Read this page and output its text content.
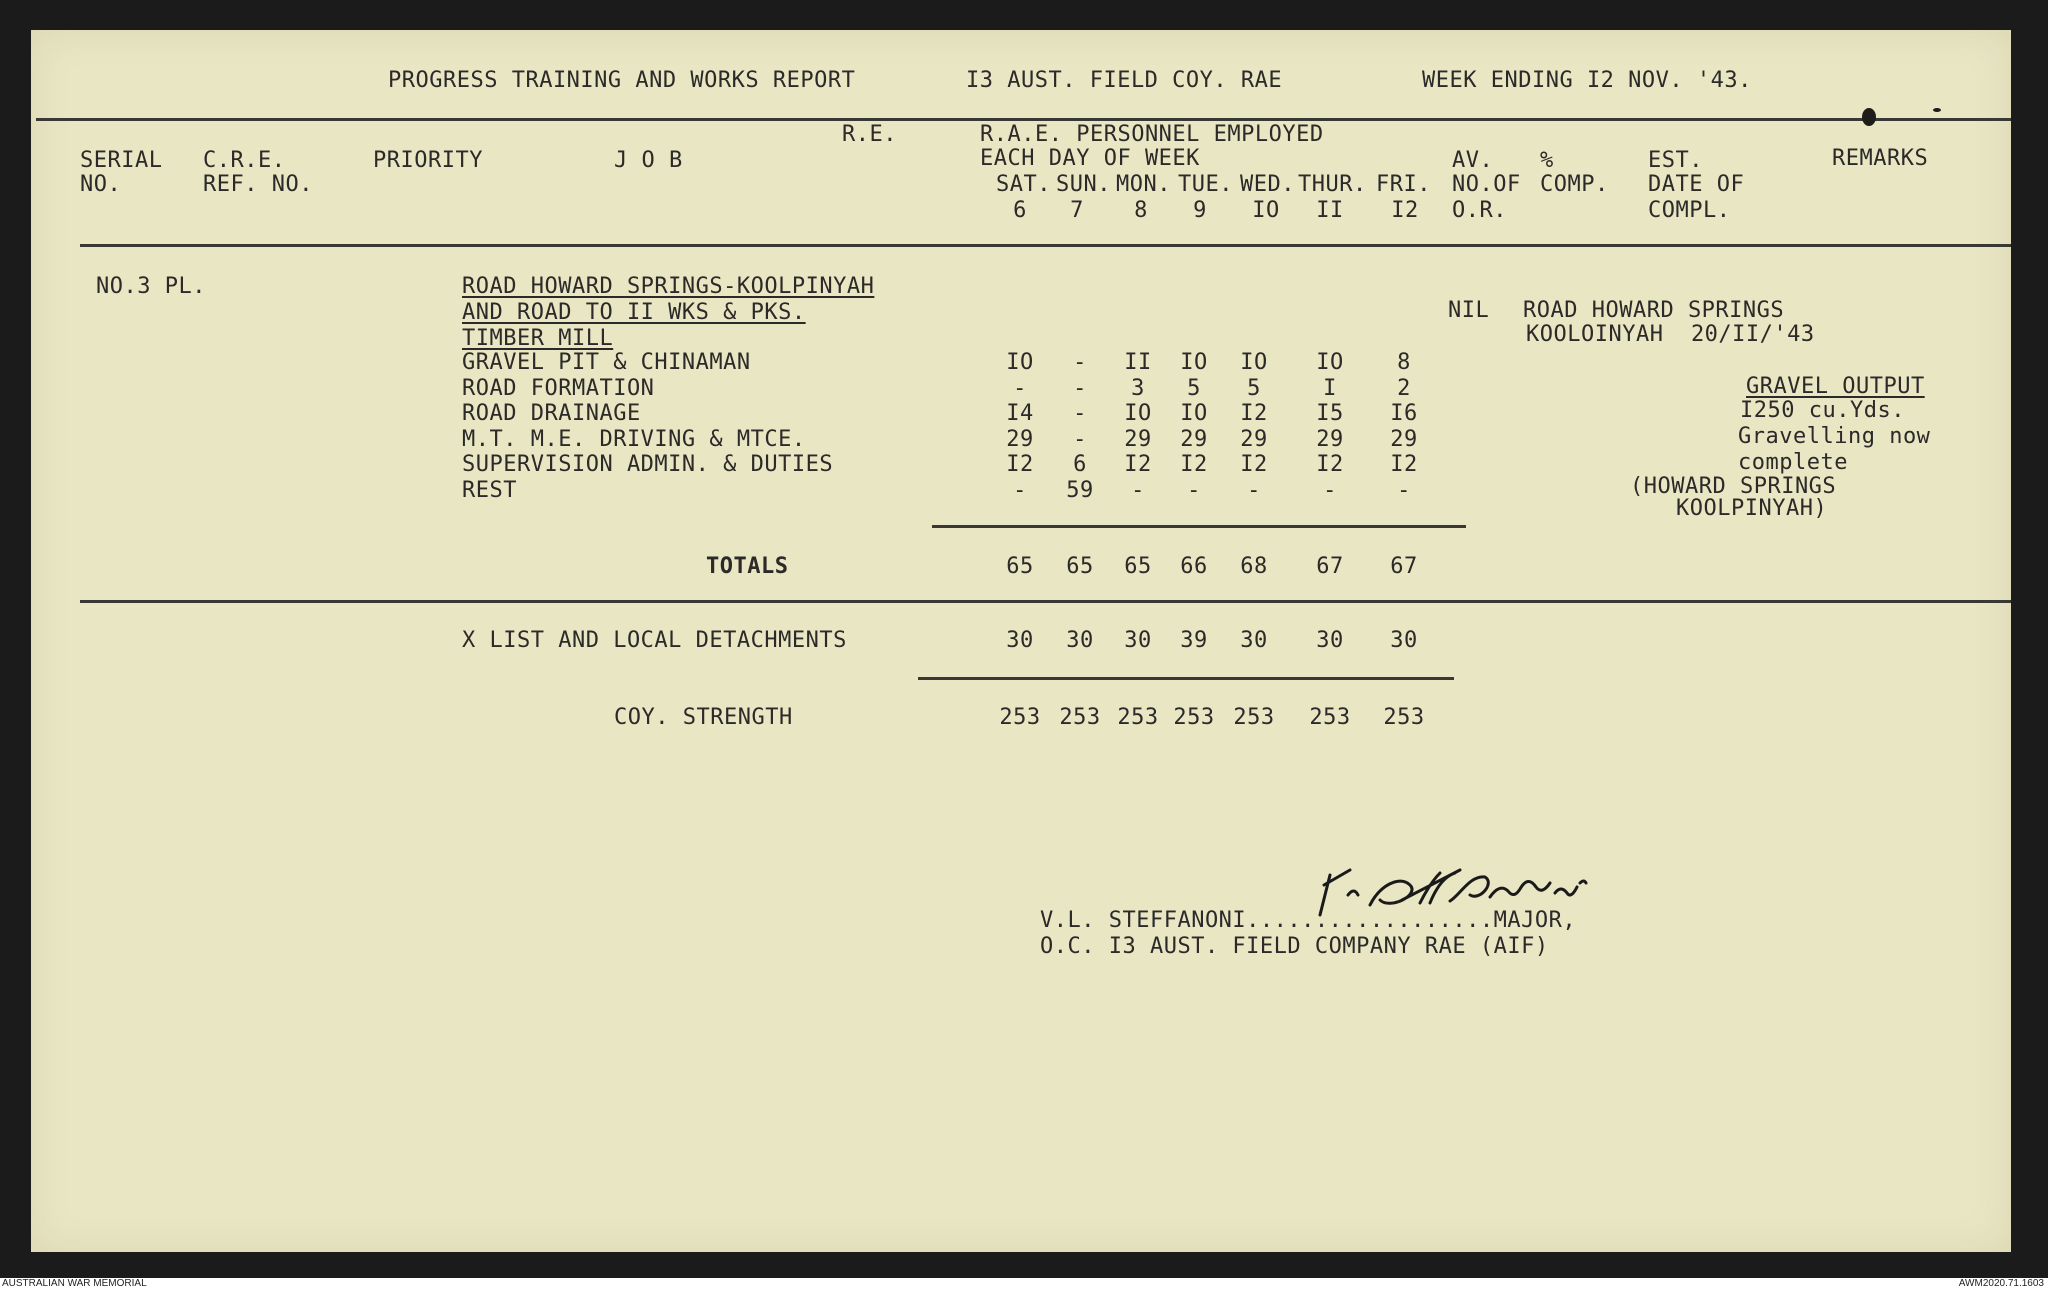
PROGRESS TRAINING AND WORKS REPORT	I3 AUST. FIELD COY. RAE	WEEK ENDING I2 NOV. '43.
SERIAL
NO.
C.R.E.
REF. NO.
PRIORITY	J O B
R.E.	R.A.E. PERSONNEL EMPLOYED
EACH DAY OF WEEK
SAT. SUN. MON. TUE. WED. THUR. FRI.
6	7	8	9	IO	II	I2
AV.
NO.OF
O.R.
%
COMP.
EST.
DATE OF
COMPL.
REMARKS
NO.3 PL.	ROAD HOWARD SPRINGS-KOOLPINYAH
AND ROAD TO II WKS & PKS.
TIMBER MILL
GRAVEL PIT & CHINAMAN	IO	-	II	IO	IO	IO	8
ROAD FORMATION	-	-	3	5	5	I	2
ROAD DRAINAGE	I4	-	IO	IO	I2	I5	I6
M.T. M.E. DRIVING & MTCE.	29	-	29	29	29	29	29
SUPERVISION ADMIN. & DUTIES	I2	6	I2	I2	I2	I2	I2
REST	-	59	-	-	-	-	-
NIL ROAD HOWARD SPRINGS
KOOLOINYAH  20/II/'43
GRAVEL OUTPUT
I250 cu.Yds.
Gravelling now
complete
(HOWARD SPRINGS
KOOLPINYAH)
TOTALS	65	65	65	66	68	67	67
X LIST AND LOCAL DETACHMENTS	30	30	30	39	30	30	30
COY. STRENGTH	253 253 253 253 253	253	253
V.L. STEFFANONI..................MAJOR,
O.C. I3 AUST. FIELD COMPANY RAE (AIF)
AUSTRALIAN WAR MEMORIAL	AWM2020.71.1603
